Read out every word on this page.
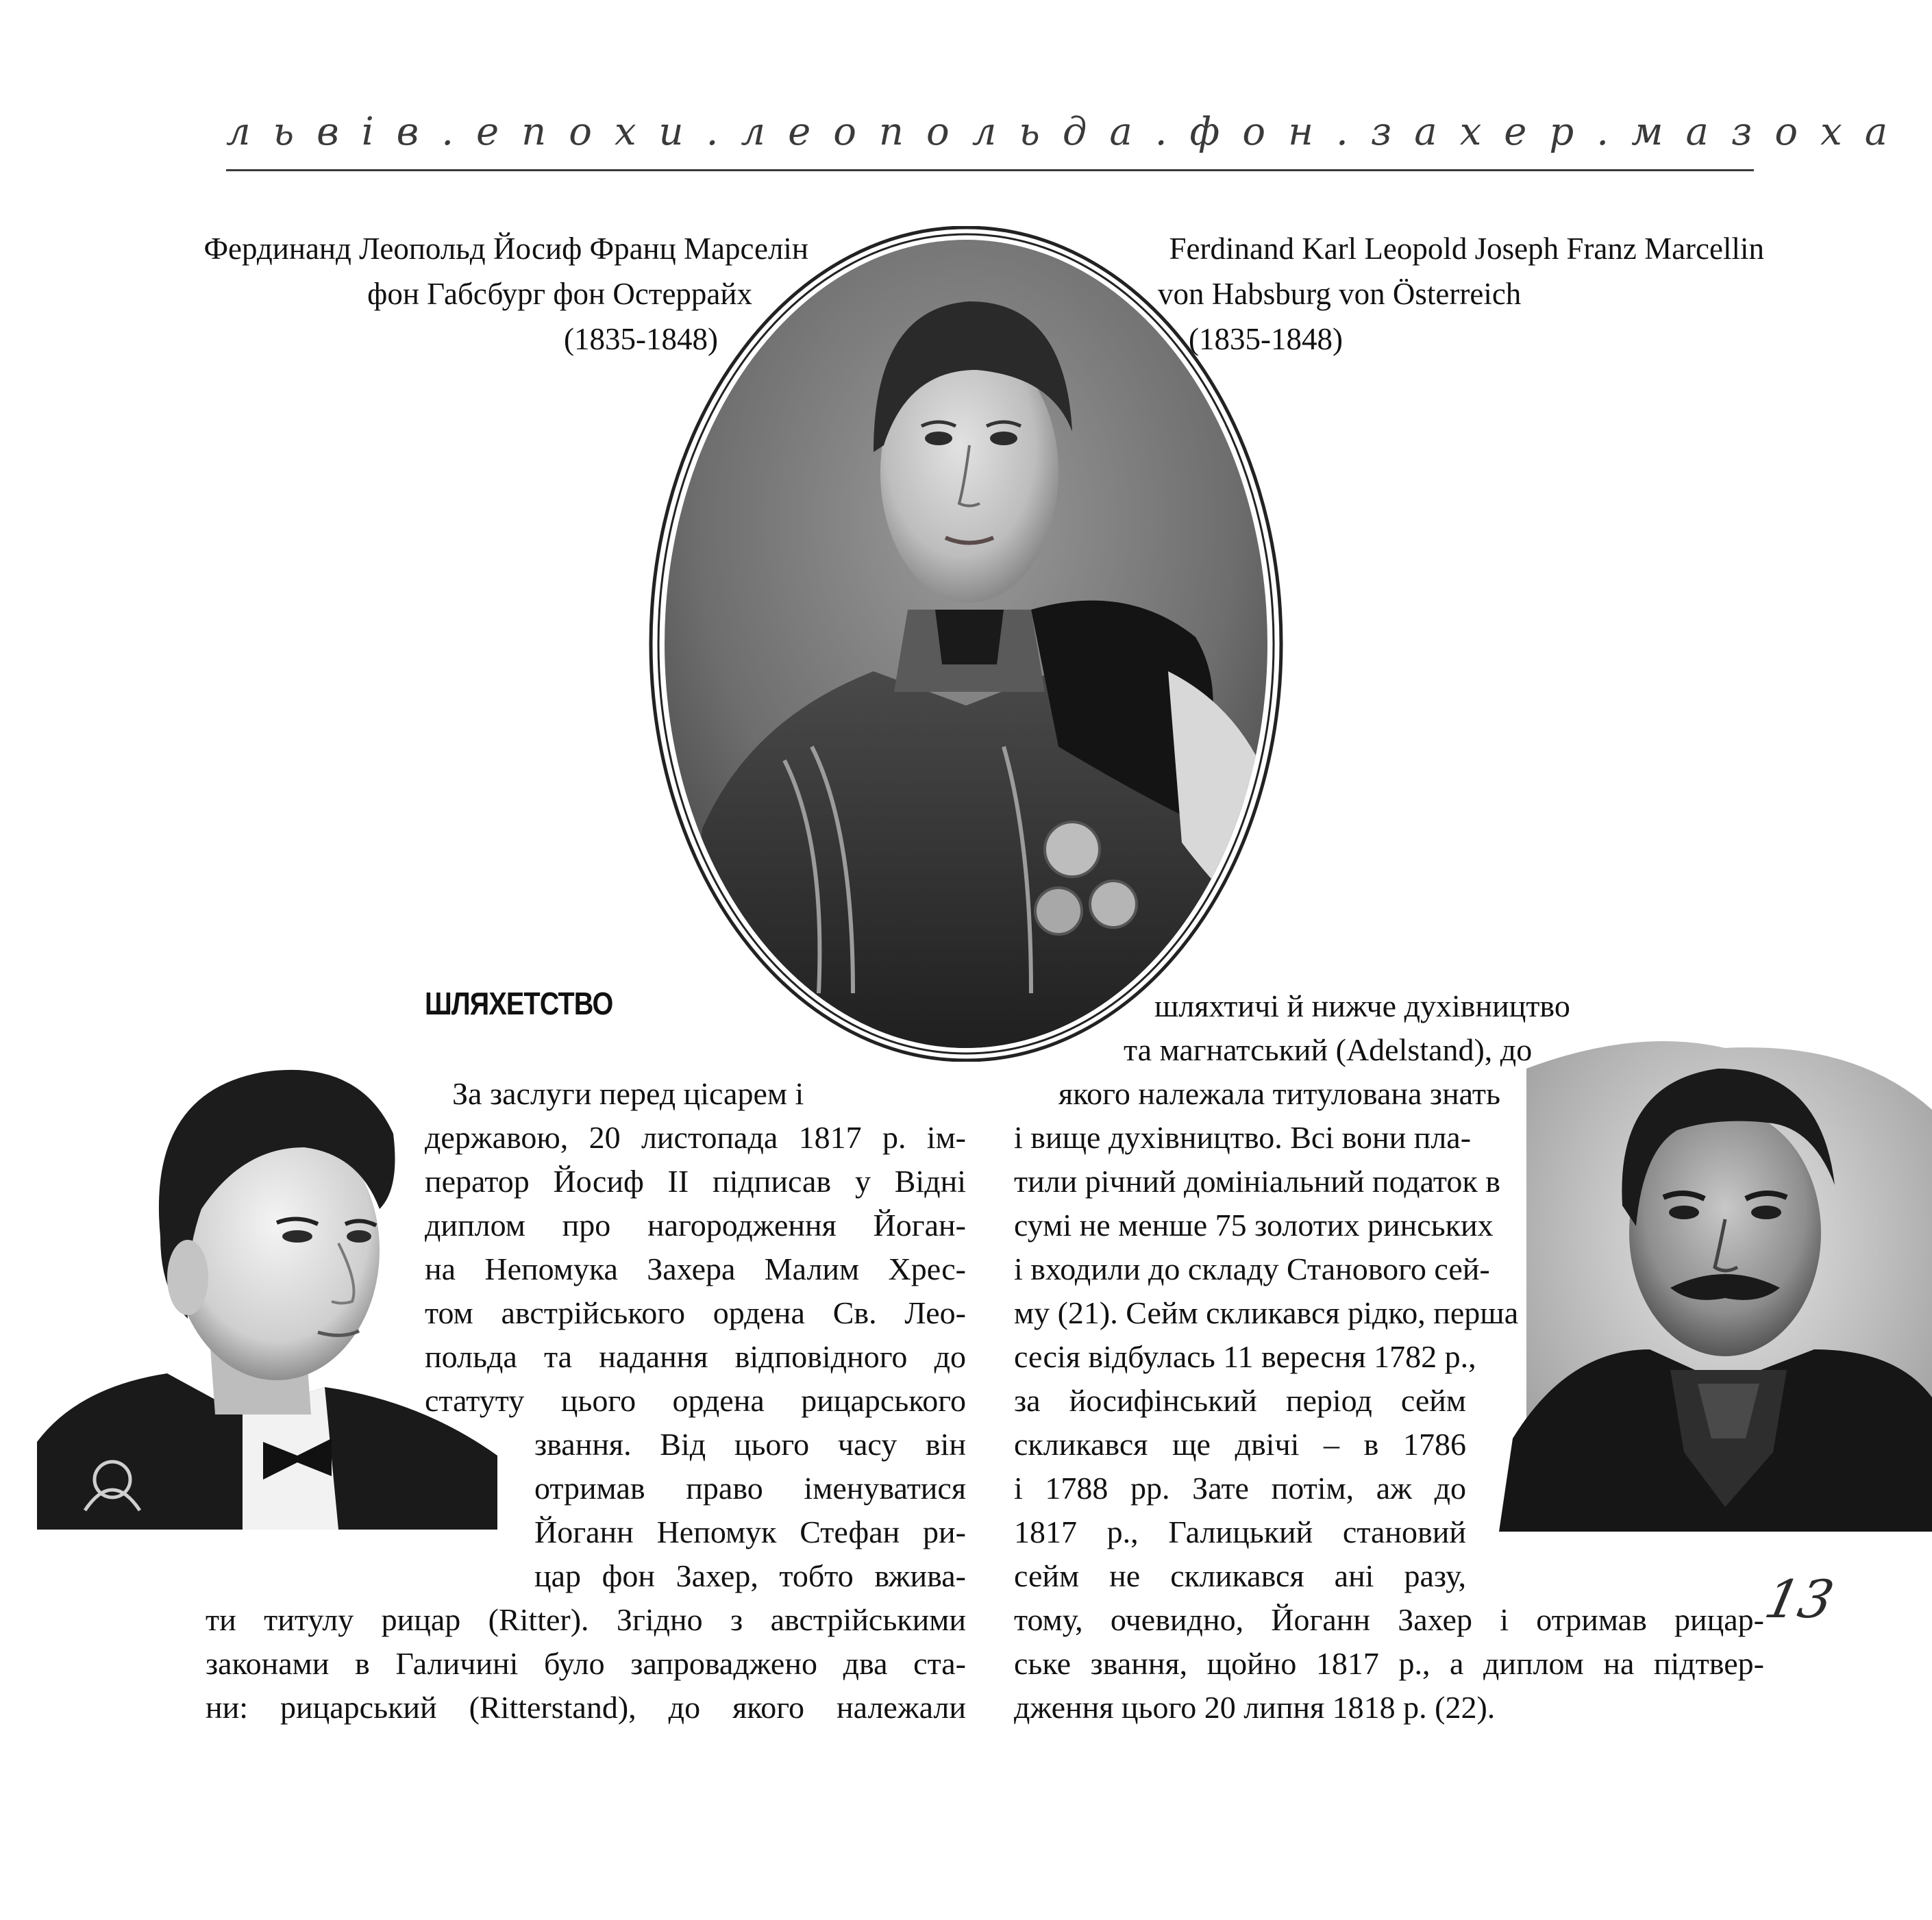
львів.епохи.леопольда.фон.захер.мазоха
Фердинанд Леопольд Йосиф Франц Марселін
фон Габсбург фон Остеррайх
(1835-1848)
Ferdinand Karl Leopold Joseph Franz Marcellin
von Habsburg von Österreich
(1835-1848)
13
ШЛЯХЕТСТВО
За заслуги перед цісарем і
державою, 20 листопада 1817 р. ім-
ператор Йосиф ІІ підписав у Відні
диплом про нагородження Йоган-
на Непомука Захера Малим Хрес-
том австрійського ордена Св. Лео-
польда та надання відповідного до
статуту цього ордена рицарського
звання. Від цього часу він
отримав право іменуватися
Йоганн Непомук Стефан ри-
цар фон Захер, тобто вжива-
ти титулу рицар (Ritter). Згідно з австрійськими
законами в Галичині було запроваджено два ста-
ни: рицарський (Ritterstand), до якого належали
шляхтичі й нижче духівництво
та магнатський (Adelstand), до
якого належала титулована знать
і вище духівництво. Всі вони пла-
тили річний домініальний податок в
сумі не менше 75 золотих ринських
і входили до складу Станового сей-
му (21). Сейм скликався рідко, перша
сесія відбулась 11 вересня 1782 р.,
за йосифінський період сейм
скликався ще двічі – в 1786
і 1788 рр. Зате потім, аж до
1817 р., Галицький становий
сейм не скликався ані разу,
тому, очевидно, Йоганн Захер і отримав рицар-
ське звання, щойно 1817 р., а диплом на підтвер-
дження цього 20 липня 1818 р. (22).
